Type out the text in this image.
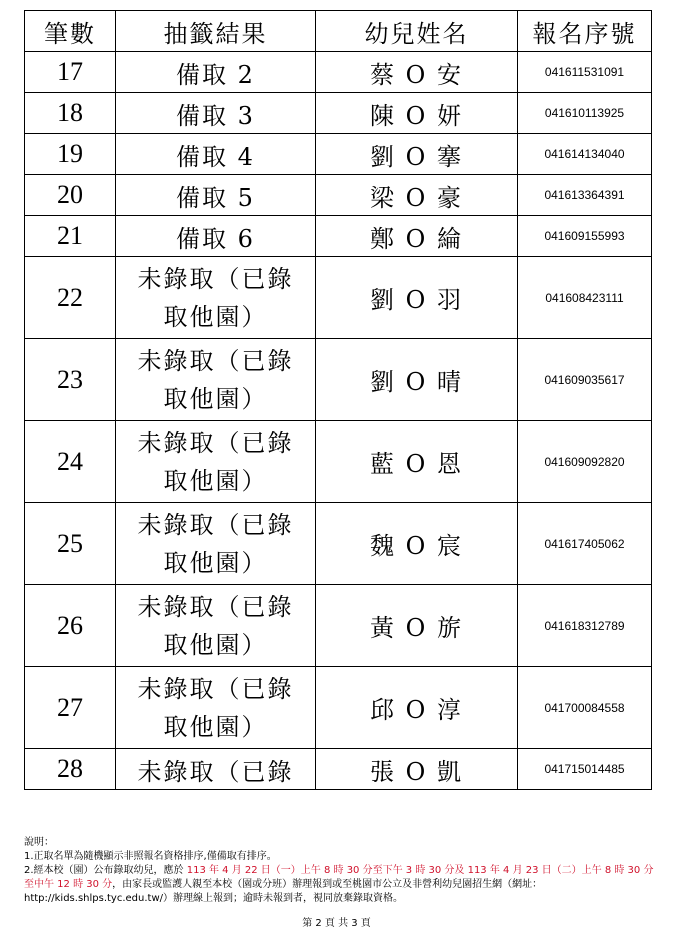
筆數	抽籤結果	幼兒姓名	報名序號
17	備取 2	蔡 O 安	041611531091
18	備取 3	陳 O 妍	041610113925
19	備取 4	劉 O 搴	041614134040
20	備取 5	梁 O 豪	041613364391
21	備取 6	鄭 O 綸	041609155993
22	未錄取（已錄取他園）	劉 O 羽	041608423111
23	未錄取（已錄取他園）	劉 O 晴	041609035617
24	未錄取（已錄取他園）	藍 O 恩	041609092820
25	未錄取（已錄取他園）	魏 O 宸	041617405062
26	未錄取（已錄取他園）	黃 O 旂	041618312789
27	未錄取（已錄取他園）	邱 O 淳	041700084558
28	未錄取（已錄	張 O 凱	041715014485

說明：

1.正取名單為隨機顯示非照報名資格排序,僅備取有排序。

2.經本校（園）公布錄取幼兒，應於 113 年 4 月 22 日（一）上午 8 時 30 分至下午 3 時 30 分及 113 年 4 月 23 日（二）上午 8 時 30 分至中午 12 時 30 分，由家長或監護人親至本校（園或分班）辦理報到或至桃園市公立及非營利幼兒園招生網（網址：http://kids.shlps.tyc.edu.tw/）辦理線上報到；逾時未報到者，視同放棄錄取資格。

第 2 頁 共 3 頁
